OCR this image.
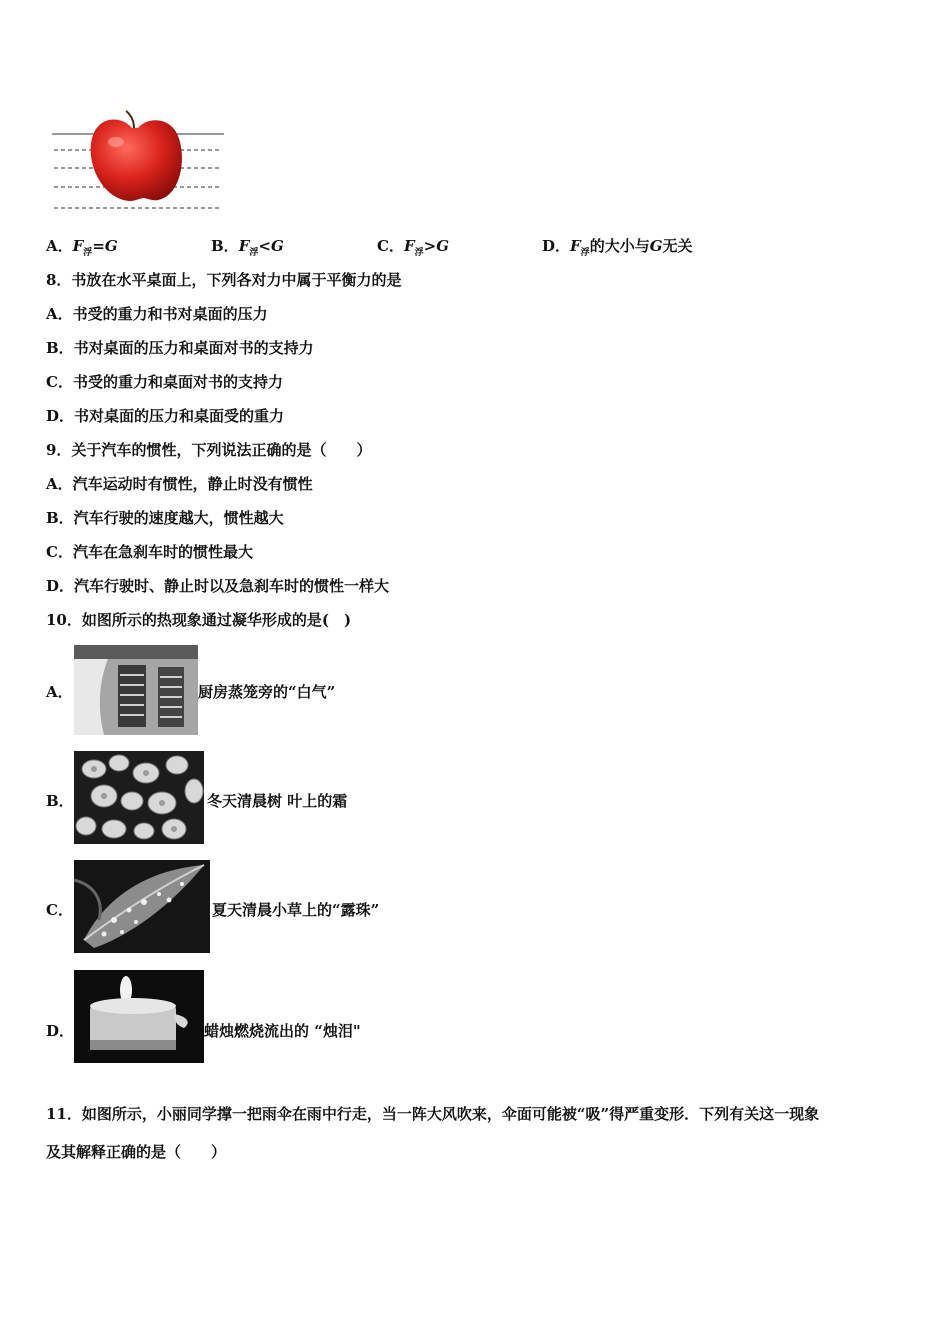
A．$F_浮=G$	B．$F_浮<G$	C．$F_浮>G$	D．$F_浮$的大小与G无关
8．书放在水平桌面上，下列各对力中属于平衡力的是
A．书受的重力和书对桌面的压力
B．书对桌面的压力和桌面对书的支持力
C．书受的重力和桌面对书的支持力
D．书对桌面的压力和桌面受的重力
9．关于汽车的惯性，下列说法正确的是（　　）
A．汽车运动时有惯性，静止时没有惯性
B．汽车行驶的速度越大，惯性越大
C．汽车在急刹车时的惯性最大
D．汽车行驶时、静止时以及急刹车时的惯性一样大
10．如图所示的热现象通过凝华形成的是(　)
A．	厨房蒸笼旁的“白气”
B．	冬天清晨树 叶上的霜
C．	夏天清晨小草上的“露珠”
D．	蜡烛燃烧流出的 “烛泪"
11．如图所示，小丽同学撑一把雨伞在雨中行走，当一阵大风吹来，伞面可能被“吸”得严重变形．下列有关这一现象
及其解释正确的是（　　）
